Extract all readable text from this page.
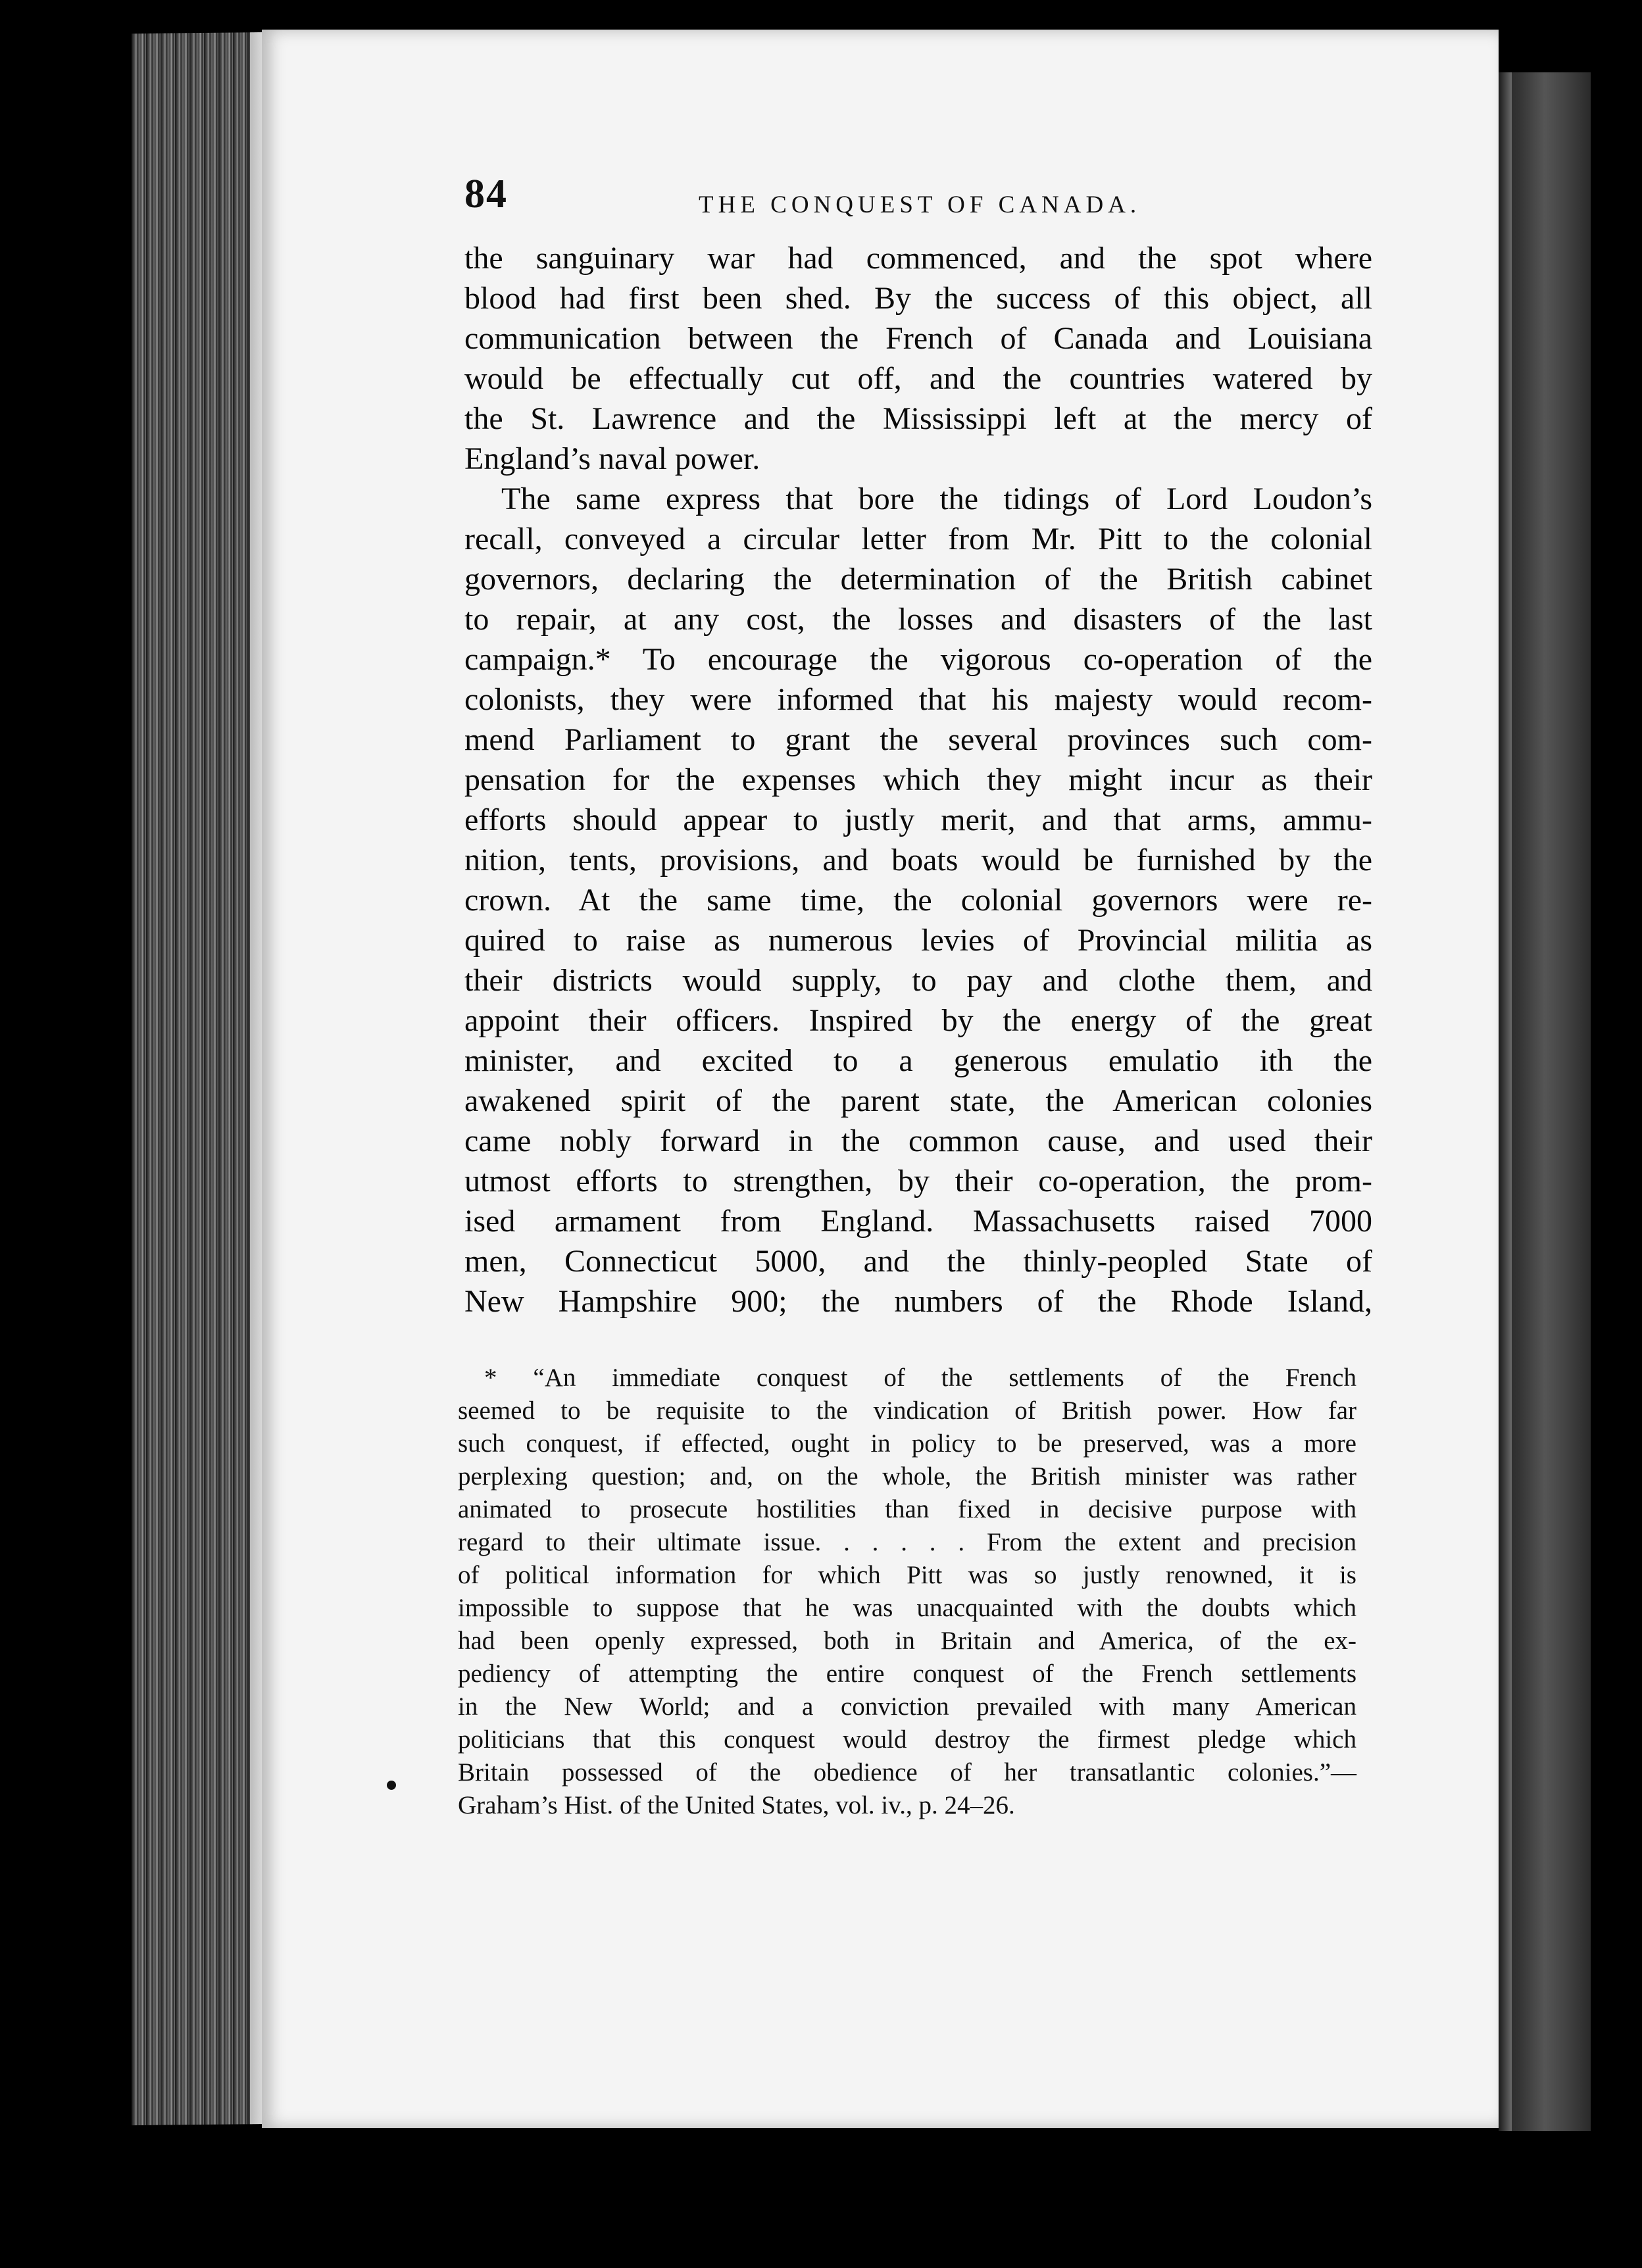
84	THE CONQUEST OF CANADA.
the sanguinary war had commenced, and the spot where
blood had first been shed. By the success of this object, all
communication between the French of Canada and Louisiana
would be effectually cut off, and the countries watered by
the St. Lawrence and the Mississippi left at the mercy of
England’s naval power.
The same express that bore the tidings of Lord Loudon’s
recall, conveyed a circular letter from Mr. Pitt to the colonial
governors, declaring the determination of the British cabinet
to repair, at any cost, the losses and disasters of the last
campaign.* To encourage the vigorous co-operation of the
colonists, they were informed that his majesty would recom-
mend Parliament to grant the several provinces such com-
pensation for the expenses which they might incur as their
efforts should appear to justly merit, and that arms, ammu-
nition, tents, provisions, and boats would be furnished by the
crown. At the same time, the colonial governors were re-
quired to raise as numerous levies of Provincial militia as
their districts would supply, to pay and clothe them, and
appoint their officers. Inspired by the energy of the great
minister, and excited to a generous emulatio ith the
awakened spirit of the parent state, the American colonies
came nobly forward in the common cause, and used their
utmost efforts to strengthen, by their co-operation, the prom-
ised armament from England. Massachusetts raised 7000
men, Connecticut 5000, and the thinly-peopled State of
New Hampshire 900; the numbers of the Rhode Island,
* “An immediate conquest of the settlements of the French
seemed to be requisite to the vindication of British power. How far
such conquest, if effected, ought in policy to be preserved, was a more
perplexing question; and, on the whole, the British minister was rather
animated to prosecute hostilities than fixed in decisive purpose with
regard to their ultimate issue. . . . . . From the extent and precision
of political information for which Pitt was so justly renowned, it is
impossible to suppose that he was unacquainted with the doubts which
had been openly expressed, both in Britain and America, of the ex-
pediency of attempting the entire conquest of the French settlements
in the New World; and a conviction prevailed with many American
politicians that this conquest would destroy the firmest pledge which
Britain possessed of the obedience of her transatlantic colonies.”—
Graham’s Hist. of the United States, vol. iv., p. 24–26.
